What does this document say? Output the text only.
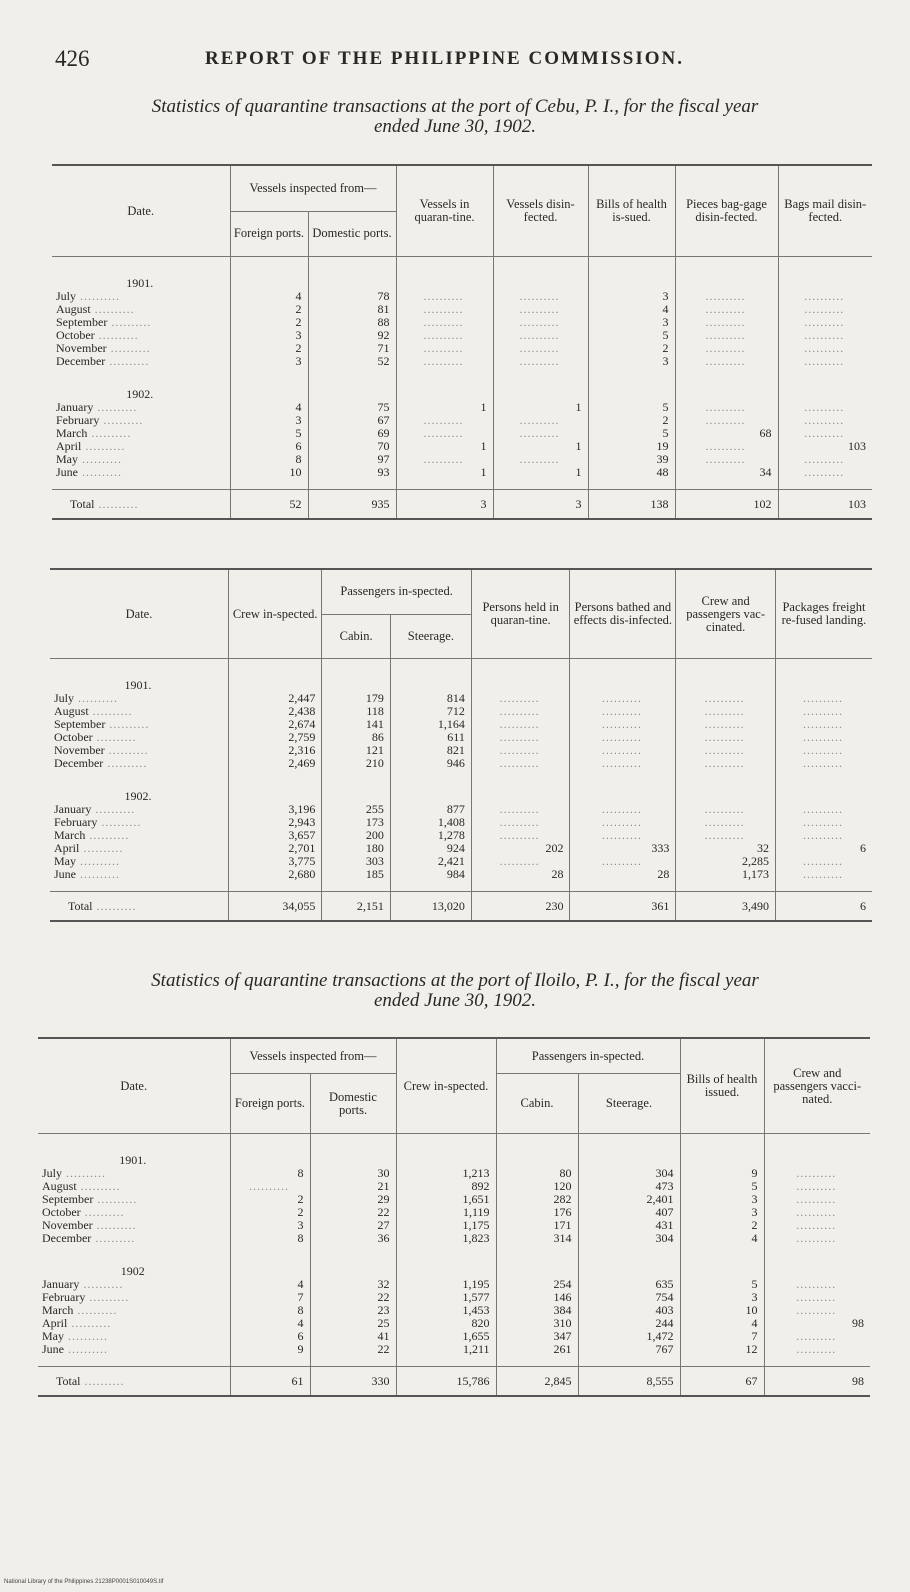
426	REPORT OF THE PHILIPPINE COMMISSION.
Statistics of quarantine transactions at the port of Cebu, P. I., for the fiscal year
ended June 30, 1902.
Date.	Vessels inspected from—		Vessels in quaran-tine.	Vessels disin-fected.	Bills of health is-sued.	Pieces bag-gage disin-fected.	Bags mail disin-fected.
	Foreign ports.	Domestic ports.					

1901.							
July ..........	4	78	..........	..........	3	..........	..........
August ..........	2	81	..........	..........	4	..........	..........
September ..........	2	88	..........	..........	3	..........	..........
October ..........	3	92	..........	..........	5	..........	..........
November ..........	2	71	..........	..........	2	..........	..........
December ..........	3	52	..........	..........	3	..........	..........

1902.							
January ..........	4	75	1	1	5	..........	..........
February ..........	3	67	..........	..........	2	..........	..........
March ..........	5	69	..........	..........	5	68	..........
April ..........	6	70	1	1	19	..........	103
May ..........	8	97	..........	..........	39	..........	..........
June ..........	10	93	1	1	48	34	..........

Total ..........	52	935	3	3	138	102	103
Date.	Crew in-spected.	Passengers in-spected.		Persons held in quaran-tine.	Persons bathed and effects dis-infected.	Crew and passengers vac-cinated.	Packages freight re-fused landing.
		Cabin.	Steerage.				

1901.							
July ..........	2,447	179	814	..........	..........	..........	..........
August ..........	2,438	118	712	..........	..........	..........	..........
September ..........	2,674	141	1,164	..........	..........	..........	..........
October ..........	2,759	86	611	..........	..........	..........	..........
November ..........	2,316	121	821	..........	..........	..........	..........
December ..........	2,469	210	946	..........	..........	..........	..........

1902.							
January ..........	3,196	255	877	..........	..........	..........	..........
February ..........	2,943	173	1,408	..........	..........	..........	..........
March ..........	3,657	200	1,278	..........	..........	..........	..........
April ..........	2,701	180	924	202	333	32	6
May ..........	3,775	303	2,421	..........	..........	2,285	..........
June ..........	2,680	185	984	28	28	1,173	..........

Total ..........	34,055	2,151	13,020	230	361	3,490	6
Statistics of quarantine transactions at the port of Iloilo, P. I., for the fiscal year
ended June 30, 1902.
Date.	Vessels inspected from—		Crew in-spected.	Passengers in-spected.		Bills of health issued.	Crew and passengers vacci-nated.
	Foreign ports.	Domestic ports.		Cabin.	Steerage.		

1901.							
July ..........	8	30	1,213	80	304	9	..........
August ..........	..........	21	892	120	473	5	..........
September ..........	2	29	1,651	282	2,401	3	..........
October ..........	2	22	1,119	176	407	3	..........
November ..........	3	27	1,175	171	431	2	..........
December ..........	8	36	1,823	314	304	4	..........

1902							
January ..........	4	32	1,195	254	635	5	..........
February ..........	7	22	1,577	146	754	3	..........
March ..........	8	23	1,453	384	403	10	..........
April ..........	4	25	820	310	244	4	98
May ..........	6	41	1,655	347	1,472	7	..........
June ..........	9	22	1,211	261	767	12	..........

Total ..........	61	330	15,786	2,845	8,555	67	98
National Library of the Philippines 21238P0001S010049S.tif
